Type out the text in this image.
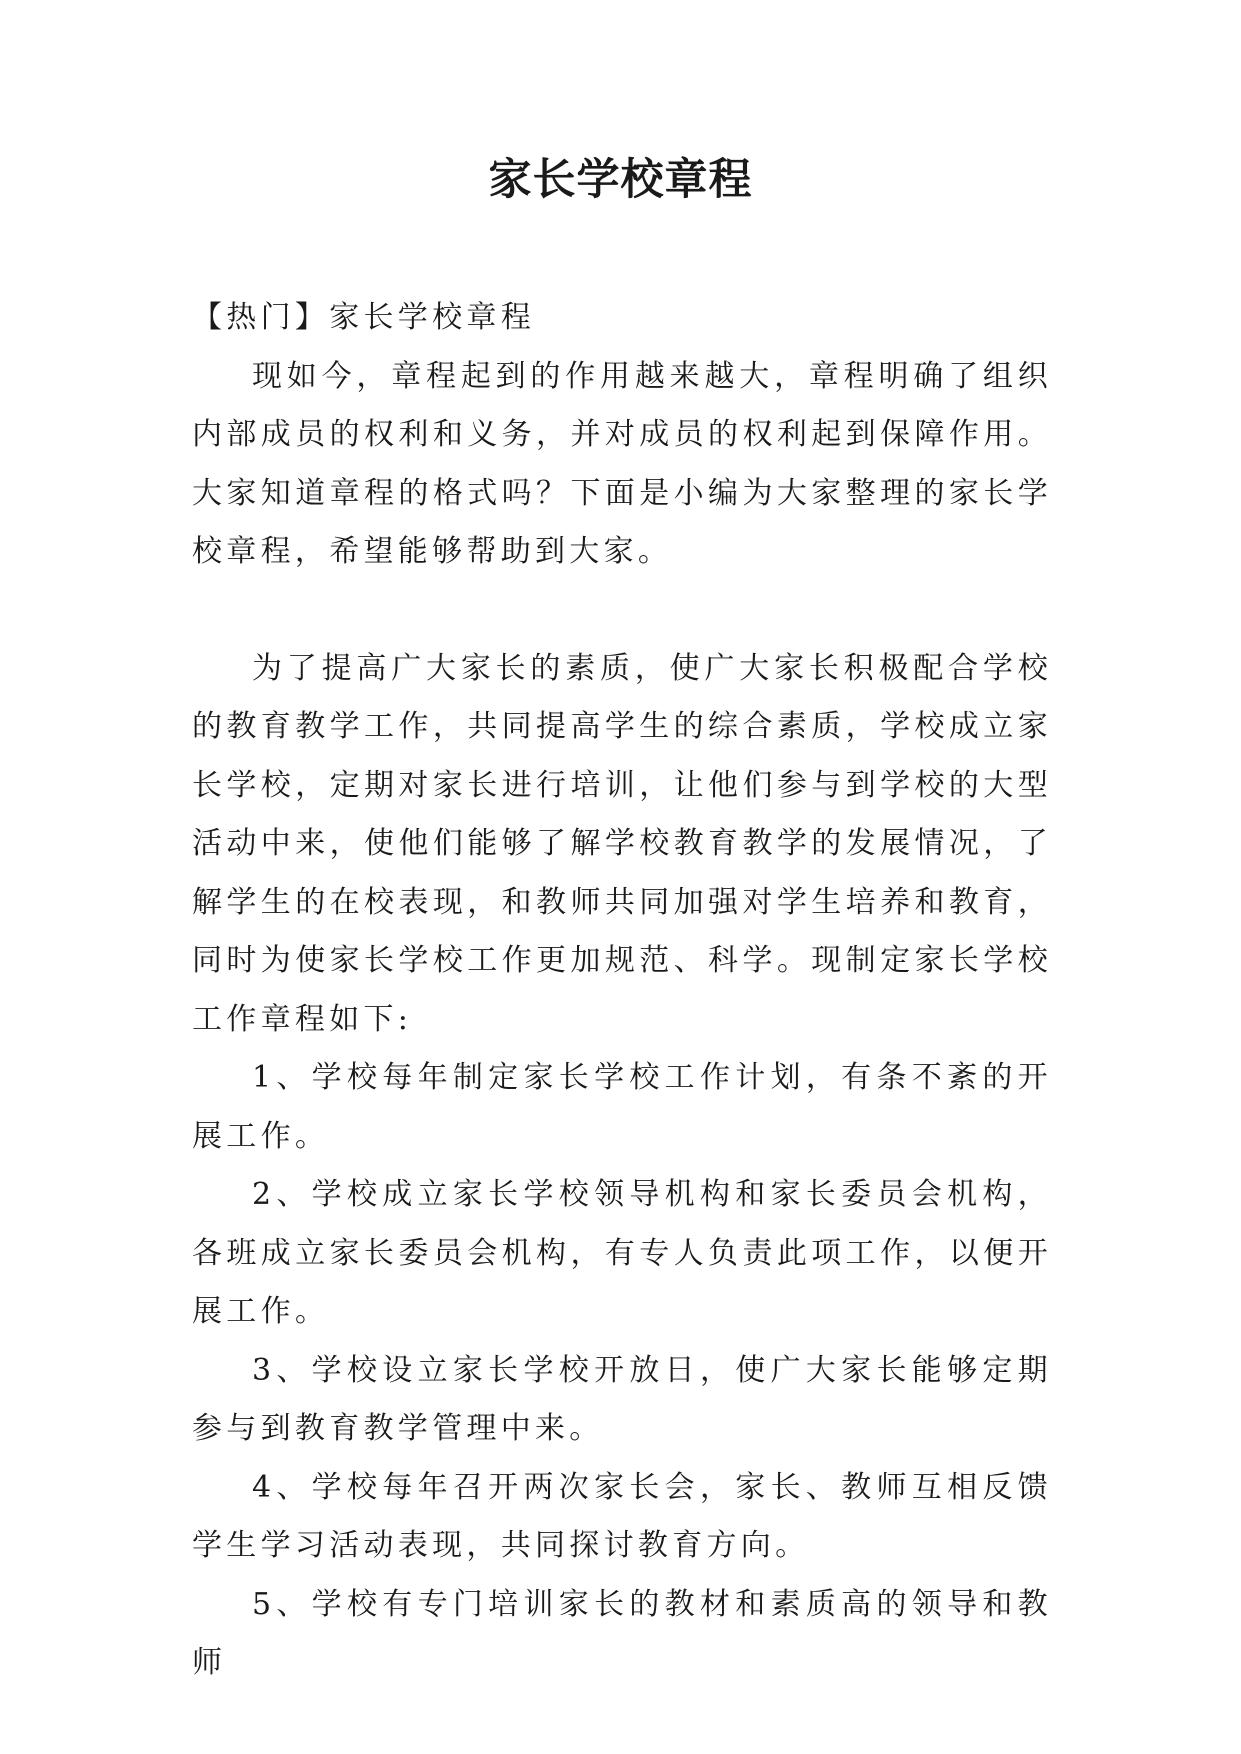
家长学校章程

【热门】家长学校章程

现如今，章程起到的作用越来越大，章程明确了组织内部成员的权利和义务，并对成员的权利起到保障作用。大家知道章程的格式吗？下面是小编为大家整理的家长学校章程，希望能够帮助到大家。

为了提高广大家长的素质，使广大家长积极配合学校的教育教学工作，共同提高学生的综合素质，学校成立家长学校，定期对家长进行培训，让他们参与到学校的大型活动中来，使他们能够了解学校教育教学的发展情况，了解学生的在校表现，和教师共同加强对学生培养和教育，同时为使家长学校工作更加规范、科学。现制定家长学校工作章程如下:

1、学校每年制定家长学校工作计划，有条不紊的开展工作。

2、学校成立家长学校领导机构和家长委员会机构，各班成立家长委员会机构，有专人负责此项工作，以便开展工作。

3、学校设立家长学校开放日，使广大家长能够定期参与到教育教学管理中来。

4、学校每年召开两次家长会，家长、教师互相反馈学生学习活动表现，共同探讨教育方向。

5、学校有专门培训家长的教材和素质高的领导和教师
